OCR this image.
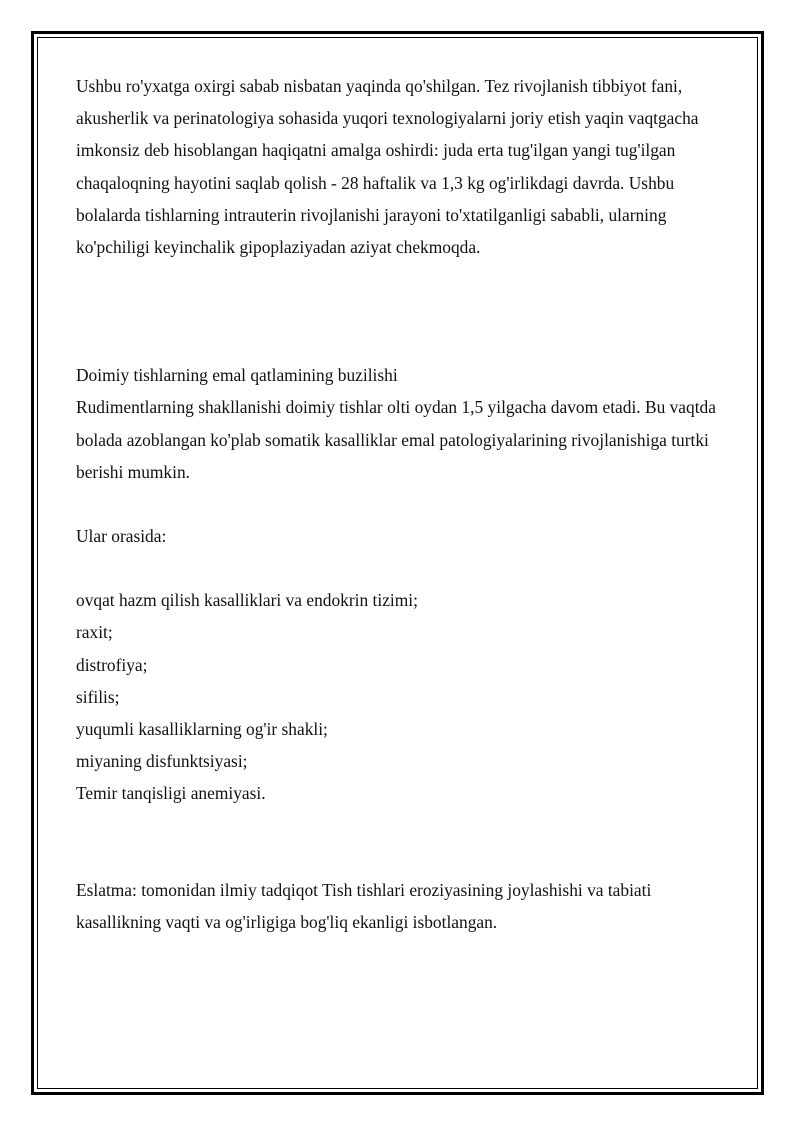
Ushbu ro'yxatga oxirgi sabab nisbatan yaqinda qo'shilgan. Tez rivojlanish tibbiyot fani, akusherlik va perinatologiya sohasida yuqori texnologiyalarni joriy etish yaqin vaqtgacha imkonsiz deb hisoblangan haqiqatni amalga oshirdi: juda erta tug'ilgan yangi tug'ilgan chaqaloqning hayotini saqlab qolish - 28 haftalik va 1,3 kg og'irlikdagi davrda. Ushbu bolalarda tishlarning intrauterin rivojlanishi jarayoni to'xtatilganligi sababli, ularning ko'pchiligi keyinchalik gipoplaziyadan aziyat chekmoqda.

Doimiy tishlarning emal qatlamining buzilishi

Rudimentlarning shakllanishi doimiy tishlar olti oydan 1,5 yilgacha davom etadi. Bu vaqtda bolada azoblangan ko'plab somatik kasalliklar emal patologiyalarining rivojlanishiga turtki berishi mumkin.

Ular orasida:

ovqat hazm qilish kasalliklari va endokrin tizimi;
raxit;
distrofiya;
sifilis;
yuqumli kasalliklarning og'ir shakli;
miyaning disfunktsiyasi;
Temir tanqisligi anemiyasi.

Eslatma: tomonidan ilmiy tadqiqot Tish tishlari eroziyasining joylashishi va tabiati kasallikning vaqti va og'irligiga bog'liq ekanligi isbotlangan.
